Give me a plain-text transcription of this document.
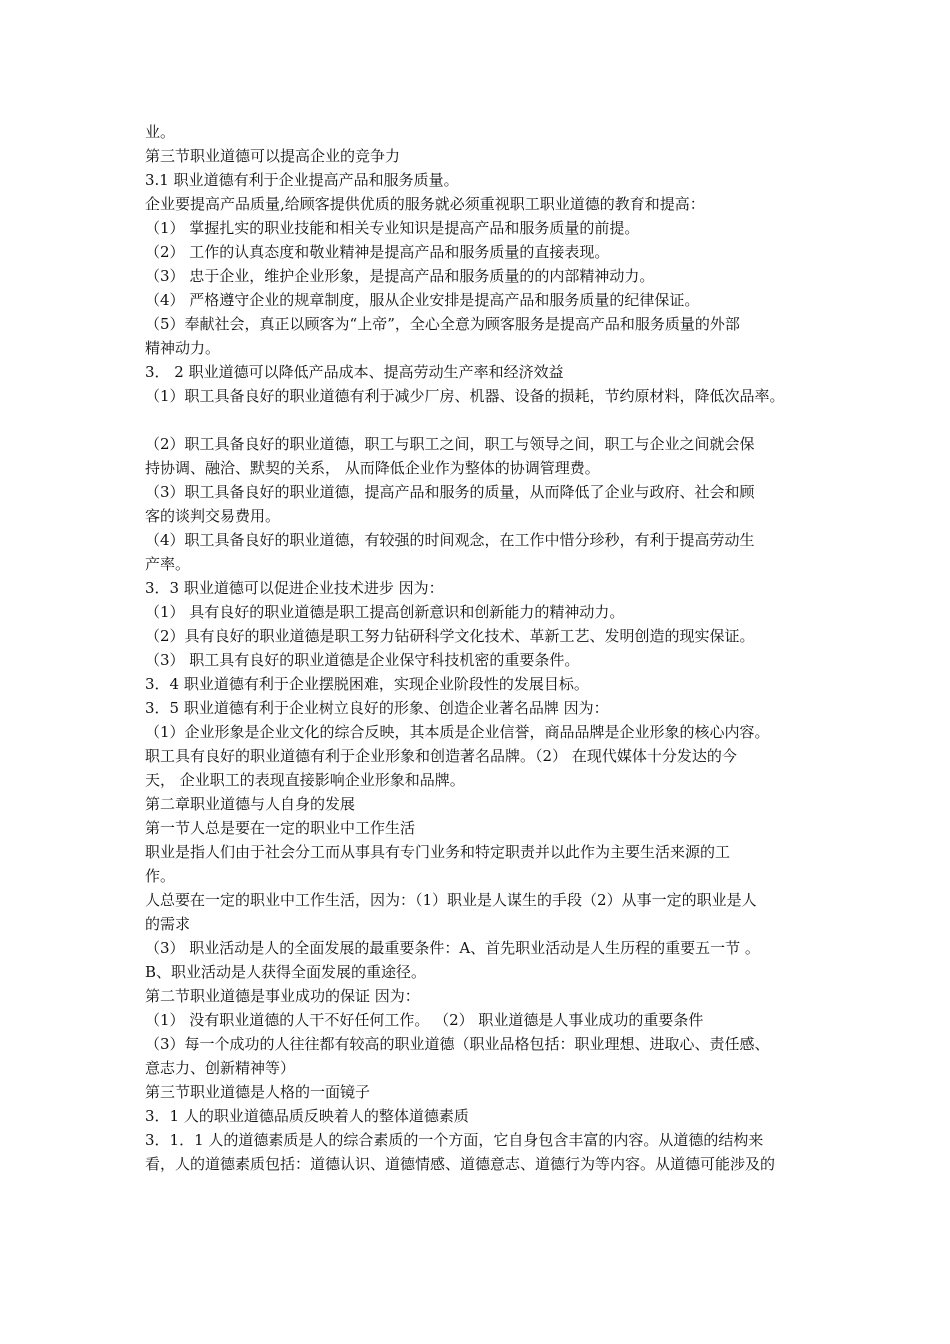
业。

第三节职业道德可以提高企业的竞争力

3.1 职业道德有利于企业提高产品和服务质量。

企业要提高产品质量,给顾客提供优质的服务就必须重视职工职业道德的教育和提高：

（1） 掌握扎实的职业技能和相关专业知识是提高产品和服务质量的前提。

（2） 工作的认真态度和敬业精神是提高产品和服务质量的直接表现。

（3） 忠于企业，维护企业形象，是提高产品和服务质量的的内部精神动力。

（4） 严格遵守企业的规章制度，服从企业安排是提高产品和服务质量的纪律保证。

（5）奉献社会，真正以顾客为“上帝”，全心全意为顾客服务是提高产品和服务质量的外部

精神动力。

3． 2 职业道德可以降低产品成本、提高劳动生产率和经济效益

（1）职工具备良好的职业道德有利于减少厂房、机器、设备的损耗，节约原材料，降低次品率。

（2）职工具备良好的职业道德，职工与职工之间，职工与领导之间，职工与企业之间就会保

持协调、融洽、默契的关系， 从而降低企业作为整体的协调管理费。

（3）职工具备良好的职业道德，提高产品和服务的质量，从而降低了企业与政府、社会和顾

客的谈判交易费用。

（4）职工具备良好的职业道德，有较强的时间观念，在工作中惜分珍秒，有利于提高劳动生

产率。

3．3 职业道德可以促进企业技术进步 因为：

（1） 具有良好的职业道德是职工提高创新意识和创新能力的精神动力。

（2）具有良好的职业道德是职工努力钻研科学文化技术、革新工艺、发明创造的现实保证。

（3） 职工具有良好的职业道德是企业保守科技机密的重要条件。

3．4 职业道德有利于企业摆脱困难，实现企业阶段性的发展目标。

3．5 职业道德有利于企业树立良好的形象、创造企业著名品牌 因为：

（1）企业形象是企业文化的综合反映，其本质是企业信誉，商品品牌是企业形象的核心内容。

职工具有良好的职业道德有利于企业形象和创造著名品牌。（2） 在现代媒体十分发达的今

天， 企业职工的表现直接影响企业形象和品牌。

第二章职业道德与人自身的发展

第一节人总是要在一定的职业中工作生活

职业是指人们由于社会分工而从事具有专门业务和特定职责并以此作为主要生活来源的工

作。

人总要在一定的职业中工作生活，因为：（1）职业是人谋生的手段（2）从事一定的职业是人

的需求

（3） 职业活动是人的全面发展的最重要条件：A、首先职业活动是人生历程的重要五一节 。

B、职业活动是人获得全面发展的重途径。

第二节职业道德是事业成功的保证 因为：

（1） 没有职业道德的人干不好任何工作。 （2） 职业道德是人事业成功的重要条件

（3）每一个成功的人往往都有较高的职业道德（职业品格包括：职业理想、进取心、责任感、

意志力、创新精神等）

第三节职业道德是人格的一面镜子

3．1 人的职业道德品质反映着人的整体道德素质

3．1．1 人的道德素质是人的综合素质的一个方面，它自身包含丰富的内容。从道德的结构来

看，人的道德素质包括：道德认识、道德情感、道德意志、道德行为等内容。从道德可能涉及的
